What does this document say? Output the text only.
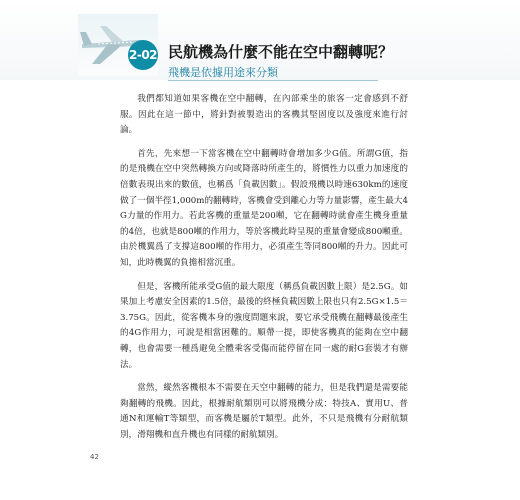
2-02 民航機為什麼不能在空中翻轉呢？
飛機是依據用途來分類

我們都知道如果客機在空中翻轉，在內部乘坐的旅客一定會感到不舒服。因此在這一節中，將針對被製造出的客機其堅固度以及強度來進行討論。

首先，先來想一下當客機在空中翻轉時會增加多少G值。所謂G值，指的是飛機在空中突然轉換方向或降落時所產生的，將慣性力以重力加速度的倍數表現出來的數值，也稱爲「負載因數」。假設飛機以時速630km的速度做了一個半徑1,000m的翻轉時，客機會受到離心力等力量影響，產生最大4G力量的作用力。若此客機的重量是200噸，它在翻轉時就會產生機身重量的4倍，也就是800噸的作用力，等於客機此時呈現的重量會變成800噸重。由於機翼爲了支撐這800噸的作用力，必須產生等同800噸的升力。因此可知，此時機翼的負擔相當沉重。

但是，客機所能承受G值的最大限度（稱爲負載因數上限）是2.5G。如果加上考慮安全因素的1.5倍，最後的終極負載因數上限也只有2.5G×1.5＝3.75G。因此，從客機本身的強度問題來說，要它承受飛機在翻轉最後產生的4G作用力，可說是相當困難的。順帶一提，即使客機真的能夠在空中翻轉，也會需要一種爲避免全體乘客受傷而能停留在同一處的耐G套裝才有辦法。

當然，縱然客機根本不需要在天空中翻轉的能力，但是我們還是需要能夠翻轉的飛機。因此，根據耐航類別可以將飛機分成：特技A、實用U、普通N和運輸T等類型，而客機是屬於T類型。此外，不只是飛機有分耐航類別，滑翔機和直升機也有同樣的耐航類別。

42
